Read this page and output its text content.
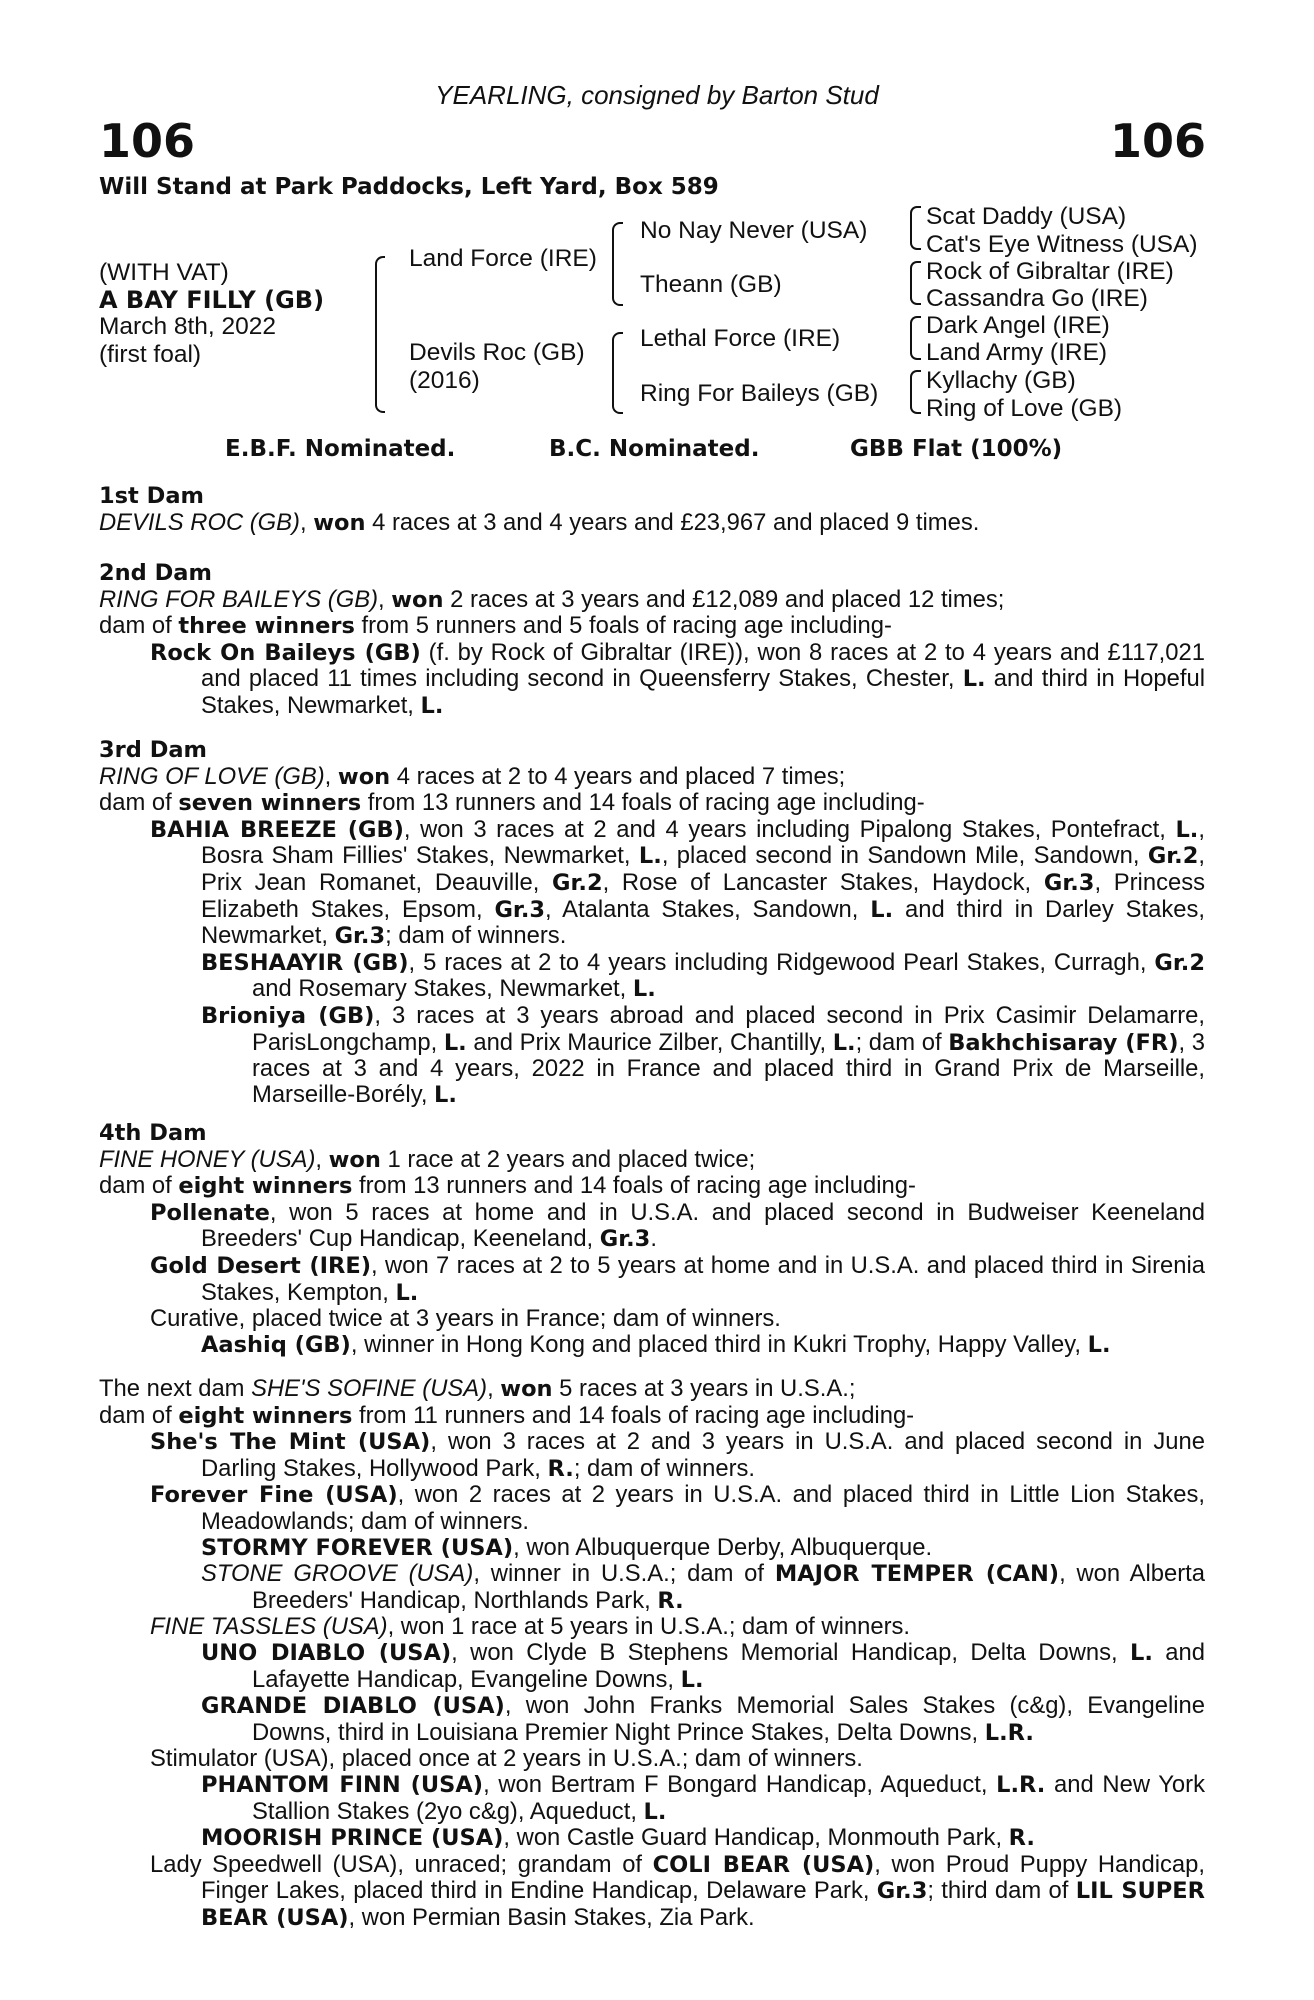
YEARLING, consigned by Barton Stud
106	106
Will Stand at Park Paddocks, Left Yard, Box 589
(WITH VAT)
A BAY FILLY (GB)
March 8th, 2022
(first foal)
Land Force (IRE)
Devils Roc (GB)
(2016)
No Nay Never (USA)
Theann (GB)
Lethal Force (IRE)
Ring For Baileys (GB)
Scat Daddy (USA)
Cat's Eye Witness (USA)
Rock of Gibraltar (IRE)
Cassandra Go (IRE)
Dark Angel (IRE)
Land Army (IRE)
Kyllachy (GB)
Ring of Love (GB)
E.B.F. Nominated.	B.C. Nominated.	GBB Flat (100%)
1st Dam
DEVILS ROC (GB), won 4 races at 3 and 4 years and £23,967 and placed 9 times.
2nd Dam
RING FOR BAILEYS (GB), won 2 races at 3 years and £12,089 and placed 12 times;
dam of three winners from 5 runners and 5 foals of racing age including-
Rock On Baileys (GB) (f. by Rock of Gibraltar (IRE)), won 8 races at 2 to 4 years and £117,021 and placed 11 times including second in Queensferry Stakes, Chester, L. and third in Hopeful Stakes, Newmarket, L.
3rd Dam
RING OF LOVE (GB), won 4 races at 2 to 4 years and placed 7 times;
dam of seven winners from 13 runners and 14 foals of racing age including-
BAHIA BREEZE (GB), won 3 races at 2 and 4 years including Pipalong Stakes, Pontefract, L., Bosra Sham Fillies' Stakes, Newmarket, L., placed second in Sandown Mile, Sandown, Gr.2, Prix Jean Romanet, Deauville, Gr.2, Rose of Lancaster Stakes, Haydock, Gr.3, Princess Elizabeth Stakes, Epsom, Gr.3, Atalanta Stakes, Sandown, L. and third in Darley Stakes, Newmarket, Gr.3; dam of winners.
BESHAAYIR (GB), 5 races at 2 to 4 years including Ridgewood Pearl Stakes, Curragh, Gr.2 and Rosemary Stakes, Newmarket, L.
Brioniya (GB), 3 races at 3 years abroad and placed second in Prix Casimir Delamarre, ParisLongchamp, L. and Prix Maurice Zilber, Chantilly, L.; dam of Bakhchisaray (FR), 3 races at 3 and 4 years, 2022 in France and placed third in Grand Prix de Marseille, Marseille-Borély, L.
4th Dam
FINE HONEY (USA), won 1 race at 2 years and placed twice;
dam of eight winners from 13 runners and 14 foals of racing age including-
Pollenate, won 5 races at home and in U.S.A. and placed second in Budweiser Keeneland Breeders' Cup Handicap, Keeneland, Gr.3.
Gold Desert (IRE), won 7 races at 2 to 5 years at home and in U.S.A. and placed third in Sirenia Stakes, Kempton, L.
Curative, placed twice at 3 years in France; dam of winners.
Aashiq (GB), winner in Hong Kong and placed third in Kukri Trophy, Happy Valley, L.
The next dam SHE'S SOFINE (USA), won 5 races at 3 years in U.S.A.;
dam of eight winners from 11 runners and 14 foals of racing age including-
She's The Mint (USA), won 3 races at 2 and 3 years in U.S.A. and placed second in June Darling Stakes, Hollywood Park, R.; dam of winners.
Forever Fine (USA), won 2 races at 2 years in U.S.A. and placed third in Little Lion Stakes, Meadowlands; dam of winners.
STORMY FOREVER (USA), won Albuquerque Derby, Albuquerque.
STONE GROOVE (USA), winner in U.S.A.; dam of MAJOR TEMPER (CAN), won Alberta Breeders' Handicap, Northlands Park, R.
FINE TASSLES (USA), won 1 race at 5 years in U.S.A.; dam of winners.
UNO DIABLO (USA), won Clyde B Stephens Memorial Handicap, Delta Downs, L. and Lafayette Handicap, Evangeline Downs, L.
GRANDE DIABLO (USA), won John Franks Memorial Sales Stakes (c&g), Evangeline Downs, third in Louisiana Premier Night Prince Stakes, Delta Downs, L.R.
Stimulator (USA), placed once at 2 years in U.S.A.; dam of winners.
PHANTOM FINN (USA), won Bertram F Bongard Handicap, Aqueduct, L.R. and New York Stallion Stakes (2yo c&g), Aqueduct, L.
MOORISH PRINCE (USA), won Castle Guard Handicap, Monmouth Park, R.
Lady Speedwell (USA), unraced; grandam of COLI BEAR (USA), won Proud Puppy Handicap, Finger Lakes, placed third in Endine Handicap, Delaware Park, Gr.3; third dam of LIL SUPER BEAR (USA), won Permian Basin Stakes, Zia Park.
